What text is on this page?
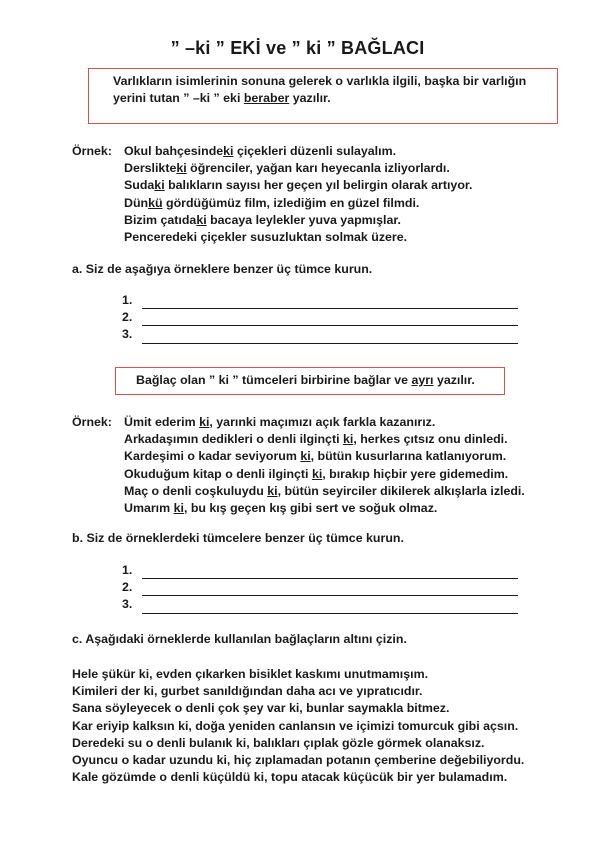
” –ki ” EKİ ve ” ki ” BAĞLACI
Varlıkların isimlerinin sonuna gelerek o varlıkla ilgili, başka bir varlığın
yerini tutan ” –ki ” eki beraber yazılır.
Örnek: Okul bahçesindeki çiçekleri düzenli sulayalım.
Derslikteki öğrenciler, yağan karı heyecanla izliyorlardı.
Sudaki balıkların sayısı her geçen yıl belirgin olarak artıyor.
Dünkü gördüğümüz film, izlediğim en güzel filmdi.
Bizim çatıdaki bacaya leylekler yuva yapmışlar.
Penceredeki çiçekler susuzluktan solmak üzere.
a. Siz de aşağıya örneklere benzer üç tümce kurun.
1.
2.
3.
Bağlaç olan ” ki ” tümceleri birbirine bağlar ve ayrı yazılır.
Örnek: Ümit ederim ki, yarınki maçımızı açık farkla kazanırız.
Arkadaşımın dedikleri o denli ilginçti ki, herkes çıtsız onu dinledi.
Kardeşimi o kadar seviyorum ki, bütün kusurlarına katlanıyorum.
Okuduğum kitap o denli ilginçti ki, bırakıp hiçbir yere gidemedim.
Maç o denli coşkuluydu ki, bütün seyirciler dikilerek alkışlarla izledi.
Umarım ki, bu kış geçen kış gibi sert ve soğuk olmaz.
b. Siz de örneklerdeki tümcelere benzer üç tümce kurun.
1.
2.
3.
c. Aşağıdaki örneklerde kullanılan bağlaçların altını çizin.
Hele şükür ki, evden çıkarken bisiklet kaskımı unutmamışım.
Kimileri der ki, gurbet sanıldığından daha acı ve yıpratıcıdır.
Sana söyleyecek o denli çok şey var ki, bunlar saymakla bitmez.
Kar eriyip kalksın ki, doğa yeniden canlansın ve içimizi tomurcuk gibi açsın.
Deredeki su o denli bulanık ki, balıkları çıplak gözle görmek olanaksız.
Oyuncu o kadar uzundu ki, hiç zıplamadan potanın çemberine değebiliyordu.
Kale gözümde o denli küçüldü ki, topu atacak küçücük bir yer bulamadım.
